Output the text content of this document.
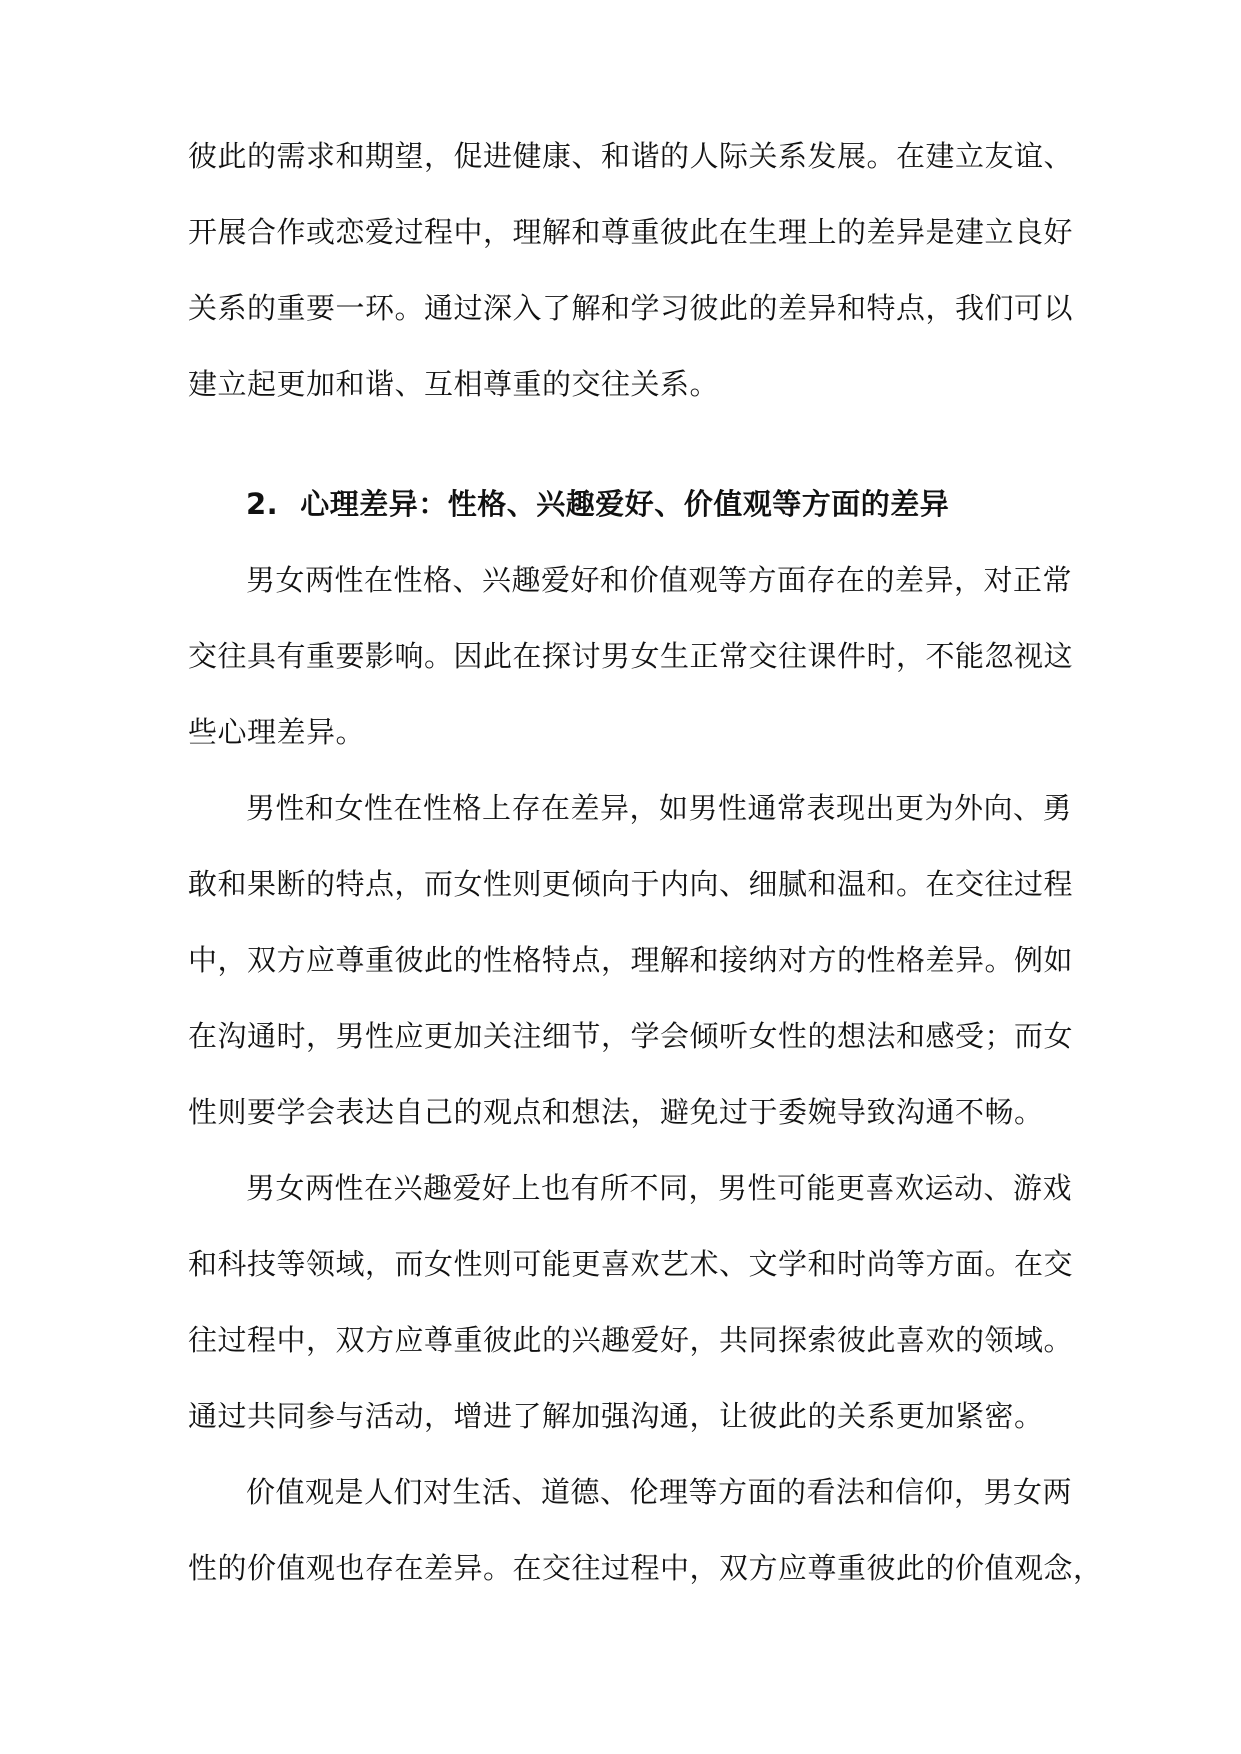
彼此的需求和期望，促进健康、和谐的人际关系发展。在建立友谊、
开展合作或恋爱过程中，理解和尊重彼此在生理上的差异是建立良好
关系的重要一环。通过深入了解和学习彼此的差异和特点，我们可以
建立起更加和谐、互相尊重的交往关系。
2. 心理差异：性格、兴趣爱好、价值观等方面的差异
男女两性在性格、兴趣爱好和价值观等方面存在的差异，对正常
交往具有重要影响。因此在探讨男女生正常交往课件时，不能忽视这
些心理差异。
男性和女性在性格上存在差异，如男性通常表现出更为外向、勇
敢和果断的特点，而女性则更倾向于内向、细腻和温和。在交往过程
中，双方应尊重彼此的性格特点，理解和接纳对方的性格差异。例如
在沟通时，男性应更加关注细节，学会倾听女性的想法和感受；而女
性则要学会表达自己的观点和想法，避免过于委婉导致沟通不畅。
男女两性在兴趣爱好上也有所不同，男性可能更喜欢运动、游戏
和科技等领域，而女性则可能更喜欢艺术、文学和时尚等方面。在交
往过程中，双方应尊重彼此的兴趣爱好，共同探索彼此喜欢的领域。
通过共同参与活动，增进了解加强沟通，让彼此的关系更加紧密。
价值观是人们对生活、道德、伦理等方面的看法和信仰，男女两
性的价值观也存在差异。在交往过程中，双方应尊重彼此的价值观念，
